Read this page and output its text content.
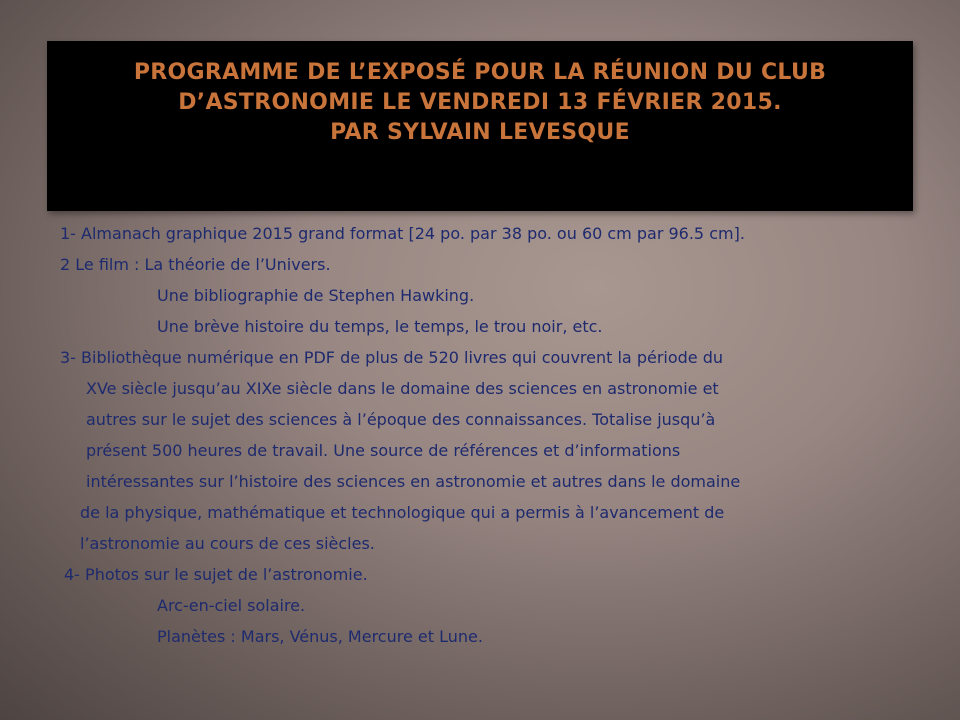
PROGRAMME DE L’EXPOSÉ POUR LA RÉUNION DU CLUB
D’ASTRONOMIE LE VENDREDI 13 FÉVRIER 2015.
PAR SYLVAIN LEVESQUE
1- Almanach graphique 2015 grand format [24 po. par 38 po. ou 60 cm par 96.5 cm].
2 Le film : La théorie de l’Univers.
Une bibliographie de Stephen Hawking.
Une brève histoire du temps, le temps, le trou noir, etc.
3- Bibliothèque numérique en PDF de plus de 520 livres qui couvrent la période du
XVe siècle jusqu’au XIXe siècle dans le domaine des sciences en astronomie et
autres sur le sujet des sciences à l’époque des connaissances. Totalise jusqu’à
présent 500 heures de travail. Une source de références et d’informations
intéressantes sur l’histoire des sciences en astronomie et autres dans le domaine
de la physique, mathématique et technologique qui a permis à l’avancement de
l’astronomie au cours de ces siècles.
4- Photos sur le sujet de l’astronomie.
Arc-en-ciel solaire.
Planètes : Mars, Vénus, Mercure et Lune.
